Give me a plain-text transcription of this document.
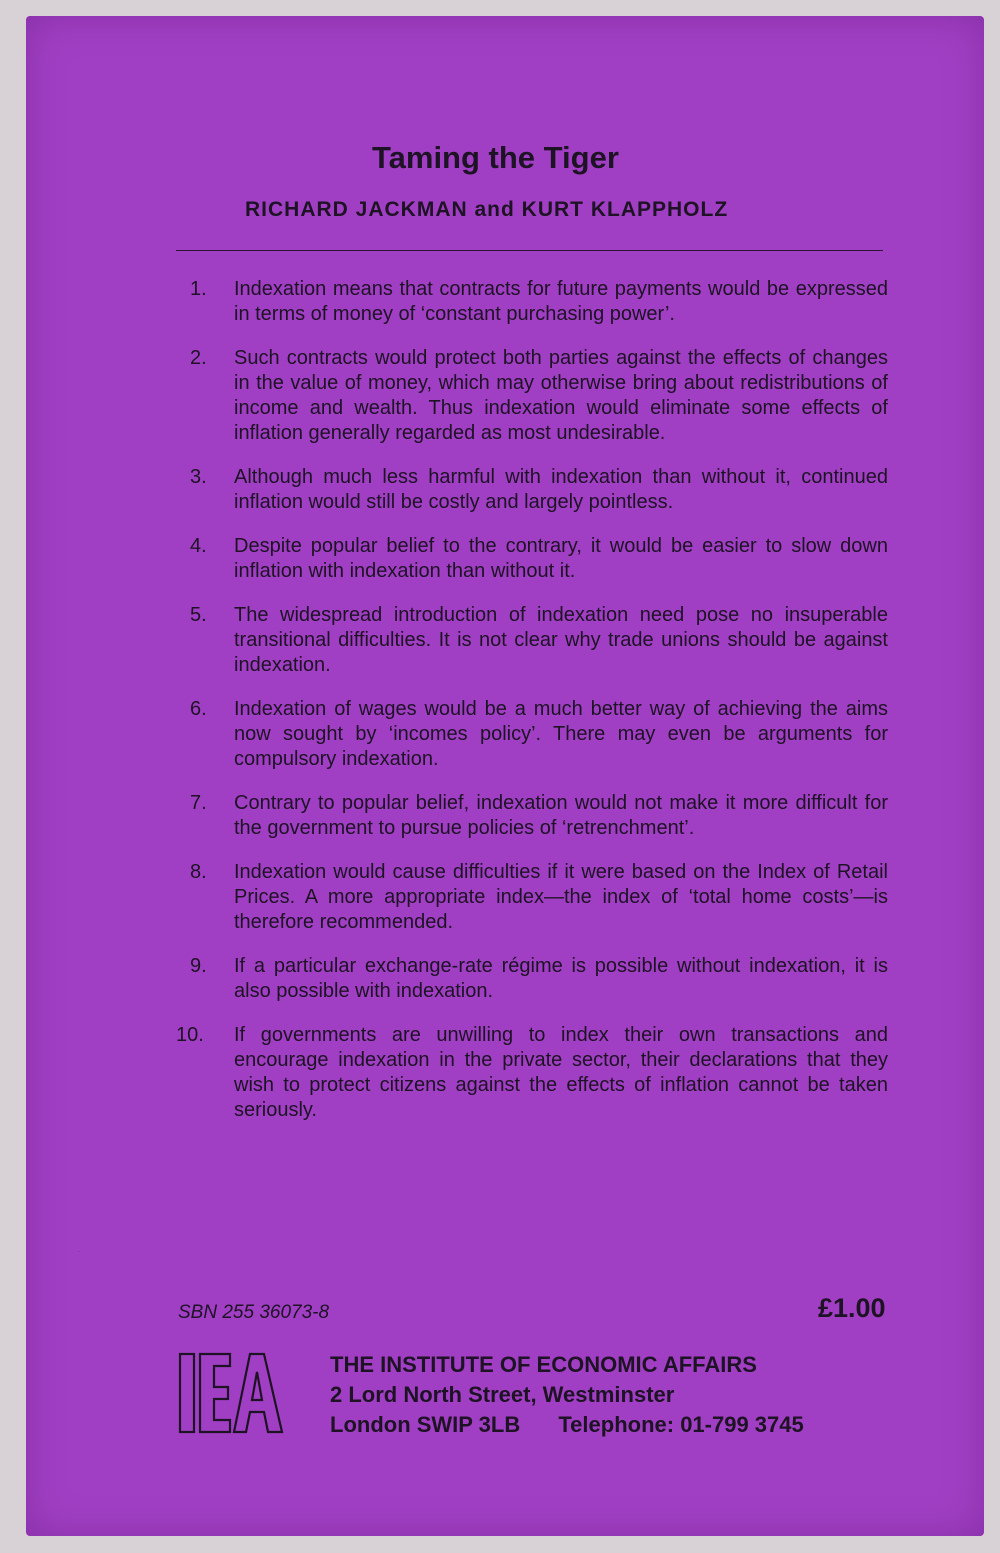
Taming the Tiger
RICHARD JACKMAN and KURT KLAPPHOLZ
1.	Indexation means that contracts for future payments would be expressed in terms of money of ‘constant purchasing power’.
2.	Such contracts would protect both parties against the effects of changes in the value of money, which may otherwise bring about redistributions of income and wealth. Thus indexation would eliminate some effects of inflation generally regarded as most undesirable.
3.	Although much less harmful with indexation than without it, continued inflation would still be costly and largely pointless.
4.	Despite popular belief to the contrary, it would be easier to slow down inflation with indexation than without it.
5.	The widespread introduction of indexation need pose no insuperable transitional difficulties. It is not clear why trade unions should be against indexation.
6.	Indexation of wages would be a much better way of achieving the aims now sought by ‘incomes policy’. There may even be arguments for compulsory indexation.
7.	Contrary to popular belief, indexation would not make it more difficult for the government to pursue policies of ‘retrenchment’.
8.	Indexation would cause difficulties if it were based on the Index of Retail Prices. A more appropriate index—the index of ‘total home costs’—is therefore recommended.
9.	If a particular exchange-rate régime is possible without indexation, it is also possible with indexation.
10.	If governments are unwilling to index their own transactions and encourage indexation in the private sector, their declarations that they wish to protect citizens against the effects of inflation cannot be taken seriously.
SBN 255 36073-8	£1.00
IEA
THE INSTITUTE OF ECONOMIC AFFAIRS
2 Lord North Street, Westminster
London SWIP 3LB Telephone: 01-799 3745
